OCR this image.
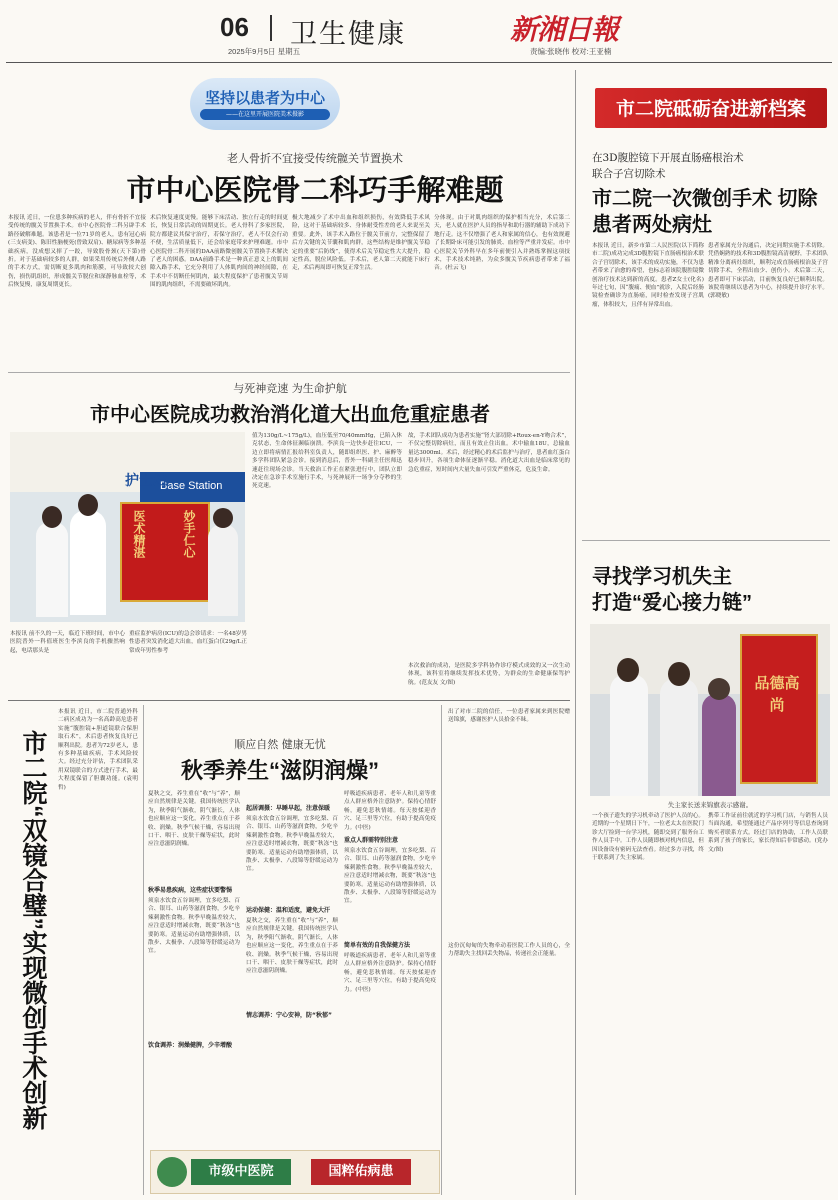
06 卫生健康
2025年9月5日 星期五
新湘日報
责编:张晓伟 校对:王亚楠
坚持以患者为中心
——在这里开展医院美术摄影
老人骨折不宜接受传统髋关节置换术
市中心医院骨二科巧手解难题
本报讯 近日，一位患多种疾病的老人，伴有骨折不宜接受传统的髋关节置换手术。市中心医院骨二科另辟手术路径破解难题。该患者是一位71岁的老人，患有冠心病(三支病变)、陈旧性脑梗死(曾致双肩)、糖尿病等多种基础疾病，没成想又摔了一跤，导致股骨颈(天下第)骨折。对于基础病较多的人群，如果采用传统后外侧人路的手术方式，需切断更多肌肉和筋膜，可导致较大创伤，损伤肌组织，形成髋关节脱位和深静脉血栓等，术后恢复慢，康复周期更长。
术后恢复速度更慢。能够下床活动、独立行走的时间更长，恢复日常活动的周期更长。老人骨科了多家医院，院方都建议其保守治疗，若保守治疗，老人不仅会行动不便，生活质量低下，还会给家庭带来护理难题。市中心医院骨二科开展的DAA前路微创髋关节置换手术解决了老人的困惑。DAA前路手术是一种真正意义上的肌间隙入路手术，它充分利用了人体肌肉间的神经间隙，在手术中不切断任何肌肉，最大程度保护了患者髋关节周围的肌肉组织，不需要破坏肌肉。
极大地减少了术中出血和组织损伤，有效降低手术风险，这对于基础病较多、身体耐受性差的老人来说至关重要。此外，该手术入路位于髋关节前方，完整保留了后方关键的关节囊和肌肉群，这些结构是维护髋关节稳定的重要“后防线”，使得术后关节稳定性大大提升，稳定性高，脱位风险低。手术后，老人第二天就能下床行走，术后两周即可恢复正常生活。
分体现。由于对肌肉组织的保护相当充分，术后第二天，老人就在医护人员的指导和助行器的辅助下成功下地行走。这不仅增强了老人和家属的信心，也有效规避了长期卧床可能引发的肺炎、血栓等严重并发症。市中心医院关节外科早在多年前便引入并熟练掌握这项技术，手术技术纯熟，为众多髋关节疾病患者带来了福音。(杜云飞)
与死神竞速 为生命护航
市中心医院成功救治消化道大出血危重症患者
Base Station
护士站
医术精湛	妙手仁心
本报讯 前不久的一天，临近下班时间，市中心医院普外一科值班医生李滨良的手机骤然响起，电话那头是
重症监护病房(ICU)的急会诊请求：一名48岁男性患者突发消化道大出血，血红蛋白仅29g/L正常成年男性参考
值为130g/L~175g/L)，血压低至70/40mmHg，已陷入休克状态，生命体征濒临崩溃。李滨良一边快步赶往ICU，一边立即将病情汇报给科室负责人，随即组织医、护、麻醉等多学科团队紧急会诊。接到消息后，普外一科副主任医师迅速赶往现场会诊。当天救治工作正在紧张进行中，团队立即决定在急诊手术室施行手术，与死神展开一场争分夺秒的生死竞速。
故，手术团队成功为患者实施“肾大部切除+Roux-en-Y吻合术”，不仅完整切除病灶，而且有效止住出血。术中输血18U，总输血量达3000ml。术后，经过精心的术后监护与治疗，患者血红蛋白稳步回升，各项生命体征逐渐平稳。消化道大出血是临床常见的急危重症，短时间内大量失血可引发严重休克，危及生命。
本次救治的成功，是医院多学科协作诊疗模式成效的又一次生动体现，该科室将继续发挥技术优势，为群众的生命健康保驾护航。(范友友 文/图)
市二院“双镜合璧”实现微创手术创新
本报讯 近日，市二院普通外科二病区成功为一名高龄高危患者实施“腹腔镜+胆道镜联合保胆取石术”，术后患者恢复良好已顺利出院。患者为72岁老人，患有多种基础疾病，手术风险较大。经过充分评估，手术团队采用双镜联合的方式进行手术，最大程度保留了胆囊功能。(袁明哲)
顺应自然 健康无忧
秋季养生“滋阴润燥”
夏秋之交，养生重在“收”与“养”，顺应自然规律是关键。我国传统医学认为，秋季阳气渐收，阴气渐长，人体也应顺应这一变化，养生重点在于养收、润燥。秋季气候干燥，容易出现口干、咽干、皮肤干燥等症状，此时应注意滋阴润燥。
秋季易患疾病，这些症状要警惕
须泉水饮食五谷调理，宜多吃梨、百合、银耳、山药等滋润食物，少吃辛辣刺激性食物。秋季早晚温差较大，应注意适时增减衣物，既要“秋冻”也要防寒。适量运动有助增强体质，以散步、太极拳、八段锦等舒缓运动为宜。
饮食调养：润燥健脾，少辛增酸
起居调摄：早睡早起，注意保暖
须泉水饮食五谷调理，宜多吃梨、百合、银耳、山药等滋润食物，少吃辛辣刺激性食物。秋季早晚温差较大，应注意适时增减衣物，既要“秋冻”也要防寒。适量运动有助增强体质，以散步、太极拳、八段锦等舒缓运动为宜。
运动保健：温和适度，避免大汗
夏秋之交，养生重在“收”与“养”，顺应自然规律是关键。我国传统医学认为，秋季阳气渐收，阴气渐长，人体也应顺应这一变化，养生重点在于养收、润燥。秋季气候干燥，容易出现口干、咽干、皮肤干燥等症状，此时应注意滋阴润燥。
情志调养：宁心安神，防“秋郁”
呼吸道疾病患者、老年人和儿童等重点人群应格外注意防护。保持心情舒畅，避免悲秋情绪。每天按揉迎香穴、足三里等穴位，有助于提高免疫力。(中医)
重点人群需特别注意
须泉水饮食五谷调理，宜多吃梨、百合、银耳、山药等滋润食物，少吃辛辣刺激性食物。秋季早晚温差较大，应注意适时增减衣物，既要“秋冻”也要防寒。适量运动有助增强体质，以散步、太极拳、八段锦等舒缓运动为宜。
简单有效的自我保健方法
呼吸道疾病患者、老年人和儿童等重点人群应格外注意防护。保持心情舒畅，避免悲秋情绪。每天按揉迎香穴、足三里等穴位，有助于提高免疫力。(中医)
市级中医院	国粹佑病患
市二院砥砺奋进新档案
在3D腹腔镜下开展直肠癌根治术 联合子宫切除术
市二院一次微创手术 切除患者两处病灶
本报讯 近日，新乡市第二人民医院(以下简称市二院)成功完成3D腹腔镜下直肠癌根治术联合子宫切除术，该手术的成功实施，不仅为患者带来了治愈的希望，也标志着该院腹腔镜微创治疗技术达到新的高度。患者Z女士(化名)年过七旬，因“腹痛、便血”就诊，入院后经肠镜检查确诊为直肠癌，同时检查发现子宫肌瘤，体积较大，且伴有异常出血。
患者家属充分沟通后，决定同期实施手术切除。凭借娴熟的技术和3D腹腔镜高清视野，手术团队精准分离病灶组织，顺利完成直肠癌根治及子宫切除手术，全程出血少、创伤小。术后第二天，患者即可下床活动，目前恢复良好已顺利出院。该院将继续以患者为中心，持续提升诊疗水平。(郭晓敏)
寻找学习机失主 打造“爱心接力链”
品德高尚
失主家长送来锦旗表示感谢。
一个孩子遗失的学习机牵动了医护人员的心。近期的一个星期日下午，一位老太太在医院门诊大厅捡到一台学习机，随即交到了服务台工作人员手中。工作人员随即核对机内信息，但因设备设有密码无法查看。经过多方寻找，终于联系到了失主家属。
携带工作证前往就近的学习机门店，与销售人员当面沟通，希望能通过产品序列号等信息查询到购买者联系方式。经过门店的协助，工作人员联系到了孩子的家长，家长得知后非常感动。(党办 文/图)
出了对市二院的信任，一位患者家属来到医院赠送锦旗，感谢医护人员拾金不昧。
这份沉甸甸的失物牵动着医院工作人员的心，全力帮助失主找回丢失物品，传递社会正能量。
